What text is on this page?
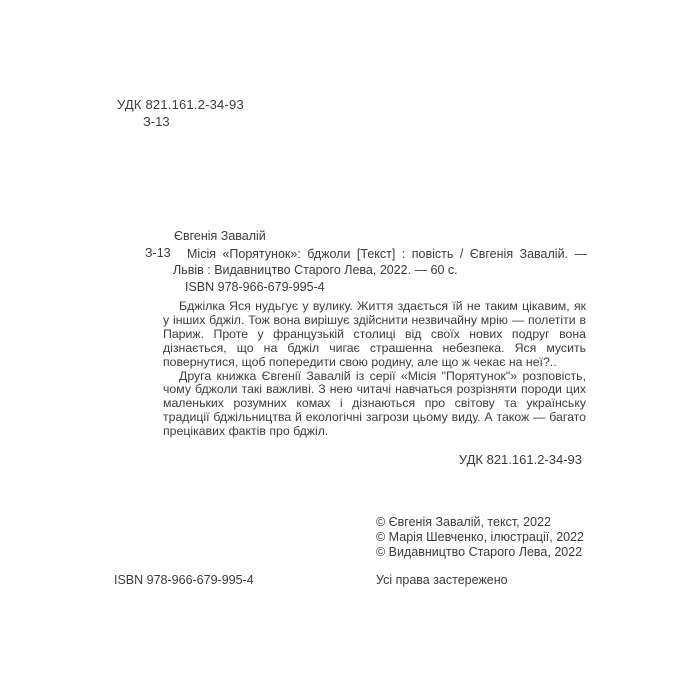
УДК 821.161.2-34-93
З-13
Євгенія Завалій
З-13	Місія «Порятунок»: бджоли [Текст] : повість / Євгенія Завалій. — Львів : Видавництво Старого Лева, 2022. — 60 с.

ISBN 978-966-679-995-4

Бджілка Яся нудьгує у вулику. Життя здається їй не таким цікавим, як у інших бджіл. Тож вона вирішує здійснити незвичайну мрію — полетіти в Париж. Проте у французькій столиці від своїх нових подруг вона дізнається, що на бджіл чигає страшенна небезпека. Яся мусить повернутися, щоб попередити свою родину, але що ж чекає на неї?..

Друга книжка Євгенії Завалій із серії «Місія "Порятунок"» розповість, чому бджоли такі важливі. З нею читачі навчаться розрізняти породи цих маленьких розумних комах і дізнаються про світову та українську традиції бджільництва й екологічні загрози цьому виду. А також — багато прецікавих фактів про бджіл.

УДК 821.161.2-34-93
© Євгенія Завалій, текст, 2022
© Марія Шевченко, ілюстрації, 2022
© Видавництво Старого Лева, 2022
ISBN 978-966-679-995-4	Усі права застережено
